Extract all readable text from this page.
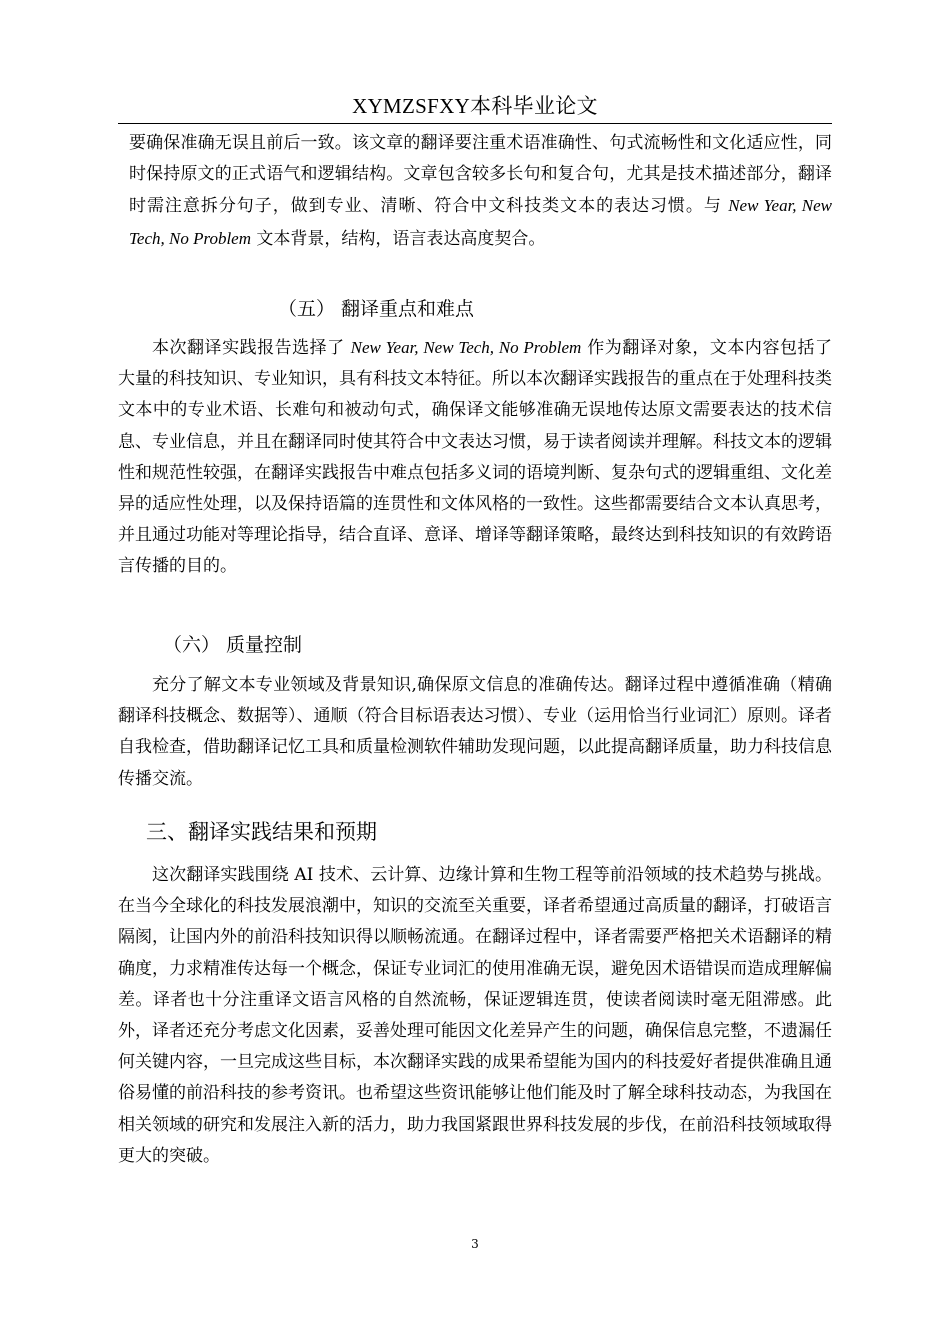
XYMZSFXY本科毕业论文

要确保准确无误且前后一致。该文章的翻译要注重术语准确性、句式流畅性和文化适应性，同时保持原文的正式语气和逻辑结构。文章包含较多长句和复合句，尤其是技术描述部分，翻译时需注意拆分句子，做到专业、清晰、符合中文科技类文本的表达习惯。与 New Year, New Tech, No Problem 文本背景，结构，语言表达高度契合。

（五） 翻译重点和难点

本次翻译实践报告选择了 New Year, New Tech, No Problem 作为翻译对象，文本内容包括了大量的科技知识、专业知识，具有科技文本特征。所以本次翻译实践报告的重点在于处理科技类文本中的专业术语、长难句和被动句式，确保译文能够准确无误地传达原文需要表达的技术信息、专业信息，并且在翻译同时使其符合中文表达习惯，易于读者阅读并理解。科技文本的逻辑性和规范性较强，在翻译实践报告中难点包括多义词的语境判断、复杂句式的逻辑重组、文化差异的适应性处理，以及保持语篇的连贯性和文体风格的一致性。这些都需要结合文本认真思考，并且通过功能对等理论指导，结合直译、意译、增译等翻译策略，最终达到科技知识的有效跨语言传播的目的。

（六） 质量控制

充分了解文本专业领域及背景知识,确保原文信息的准确传达。翻译过程中遵循准确（精确翻译科技概念、数据等）、通顺（符合目标语表达习惯）、专业（运用恰当行业词汇）原则。译者自我检查，借助翻译记忆工具和质量检测软件辅助发现问题，以此提高翻译质量，助力科技信息传播交流。

三、翻译实践结果和预期

这次翻译实践围绕 AI 技术、云计算、边缘计算和生物工程等前沿领域的技术趋势与挑战。在当今全球化的科技发展浪潮中，知识的交流至关重要，译者希望通过高质量的翻译，打破语言隔阂，让国内外的前沿科技知识得以顺畅流通。在翻译过程中，译者需要严格把关术语翻译的精确度，力求精准传达每一个概念，保证专业词汇的使用准确无误，避免因术语错误而造成理解偏差。译者也十分注重译文语言风格的自然流畅，保证逻辑连贯，使读者阅读时毫无阻滞感。此外，译者还充分考虑文化因素，妥善处理可能因文化差异产生的问题，确保信息完整，不遗漏任何关键内容，一旦完成这些目标，本次翻译实践的成果希望能为国内的科技爱好者提供准确且通俗易懂的前沿科技的参考资讯。也希望这些资讯能够让他们能及时了解全球科技动态，为我国在相关领域的研究和发展注入新的活力，助力我国紧跟世界科技发展的步伐，在前沿科技领域取得更大的突破。

3
